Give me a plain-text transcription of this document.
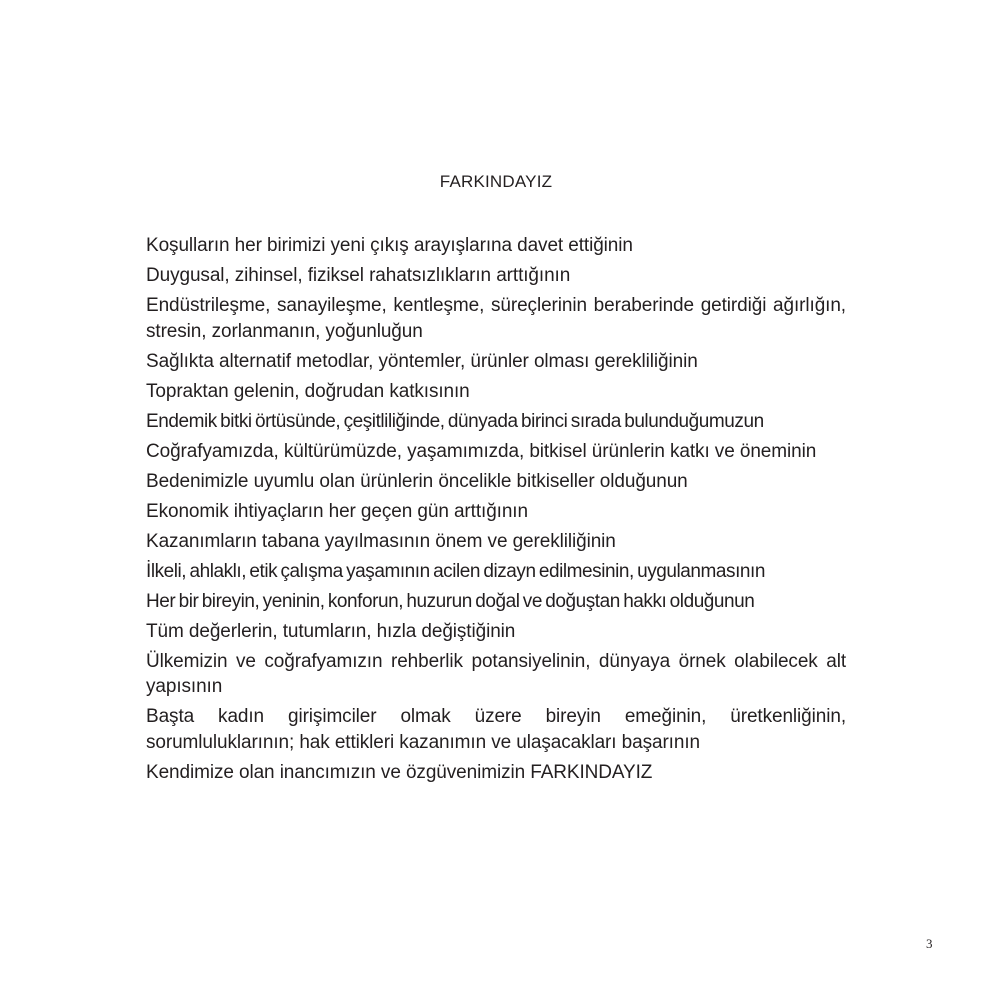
FARKINDAYIZ

Koşulların her birimizi yeni çıkış arayışlarına davet ettiğinin

Duygusal, zihinsel, fiziksel rahatsızlıkların arttığının

Endüstrileşme, sanayileşme, kentleşme, süreçlerinin beraberinde getirdiği ağırlığın, stresin, zorlanmanın, yoğunluğun

Sağlıkta alternatif metodlar, yöntemler, ürünler olması gerekliliğinin

Topraktan gelenin, doğrudan katkısının

Endemik bitki örtüsünde, çeşitliliğinde, dünyada birinci sırada bulunduğumuzun

Coğrafyamızda, kültürümüzde, yaşamımızda, bitkisel ürünlerin katkı ve öneminin

Bedenimizle uyumlu olan ürünlerin öncelikle bitkiseller olduğunun

Ekonomik ihtiyaçların her geçen gün arttığının

Kazanımların tabana yayılmasının önem ve gerekliliğinin

İlkeli, ahlaklı, etik çalışma yaşamının acilen dizayn edilmesinin, uygulanmasının

Her bir bireyin, yeninin, konforun, huzurun doğal ve doğuştan hakkı olduğunun

Tüm değerlerin, tutumların, hızla değiştiğinin

Ülkemizin ve coğrafyamızın rehberlik potansiyelinin, dünyaya örnek olabilecek alt yapısının

Başta kadın girişimciler olmak üzere bireyin emeğinin, üretkenliğinin, sorumluluklarının; hak ettikleri kazanımın ve ulaşacakları başarının

Kendimize olan inancımızın ve özgüvenimizin FARKINDAYIZ

3
